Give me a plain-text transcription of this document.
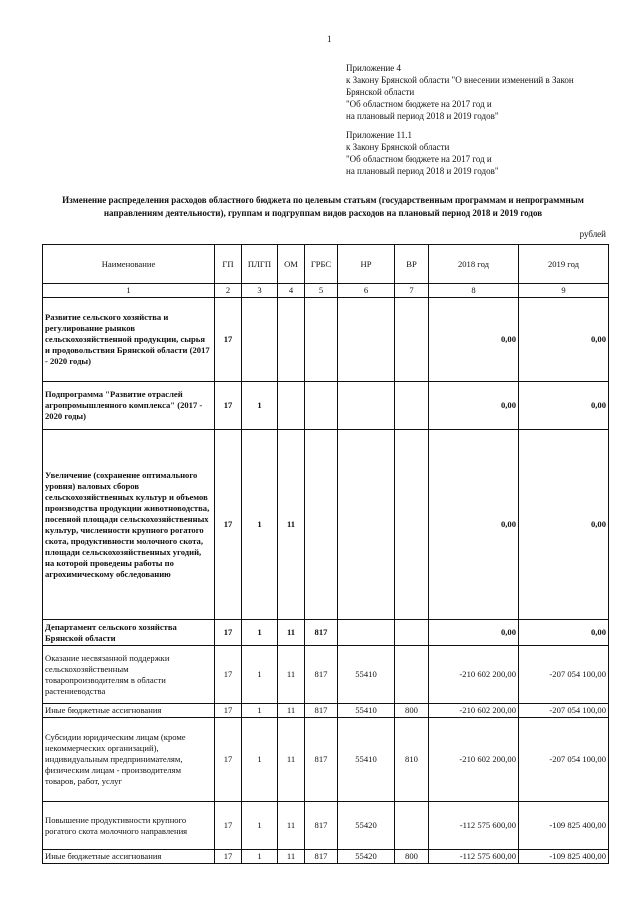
1

Приложение 4

к Закону Брянской области "О внесении изменений в Закон

Брянской области

"Об областном бюджете на 2017 год и

на плановый период 2018 и 2019 годов"

Приложение 11.1

к Закону Брянской области

"Об областном бюджете на 2017 год и

на плановый период 2018 и 2019 годов"

Изменение распределения расходов областного бюджета по целевым статьям (государственным программам и непрограммным
направлениям деятельности), группам и подгруппам видов расходов на плановый период 2018 и 2019 годов
рублей
Наименование	ГП	ПЛГП	ОМ	ГРБС	НР	ВР	2018 год	2019 год
1	2	3	4	5	6	7	8	9
Развитие сельского хозяйства и регулирование рынков сельскохозяйственной продукции, сырья и продовольствия Брянской области (2017 - 2020 годы)	17						0,00	0,00
Подпрограмма "Развитие отраслей агропромышленного комплекса" (2017 - 2020 годы)	17	1					0,00	0,00
Увеличение (сохранение оптимального уровня) валовых сборов сельскохозяйственных культур и объемов производства продукции животноводства, посевной площади сельскохозяйственных культур, численности крупного рогатого скота, продуктивности молочного скота, площади сельскохозяйственных угодий, на которой проведены работы по агрохимическому обследованию	17	1	11				0,00	0,00
Департамент сельского хозяйства Брянской области	17	1	11	817			0,00	0,00
Оказание несвязанной поддержки сельскохозяйственным товаропроизводителям в области растениеводства	17	1	11	817	55410		-210 602 200,00	-207 054 100,00
Иные бюджетные ассигнования	17	1	11	817	55410	800	-210 602 200,00	-207 054 100,00
Субсидии юридическим лицам (кроме некоммерческих организаций), индивидуальным предпринимателям, физическим лицам - производителям товаров, работ, услуг	17	1	11	817	55410	810	-210 602 200,00	-207 054 100,00
Повышение продуктивности крупного рогатого скота молочного направления	17	1	11	817	55420		-112 575 600,00	-109 825 400,00
Иные бюджетные ассигнования	17	1	11	817	55420	800	-112 575 600,00	-109 825 400,00
